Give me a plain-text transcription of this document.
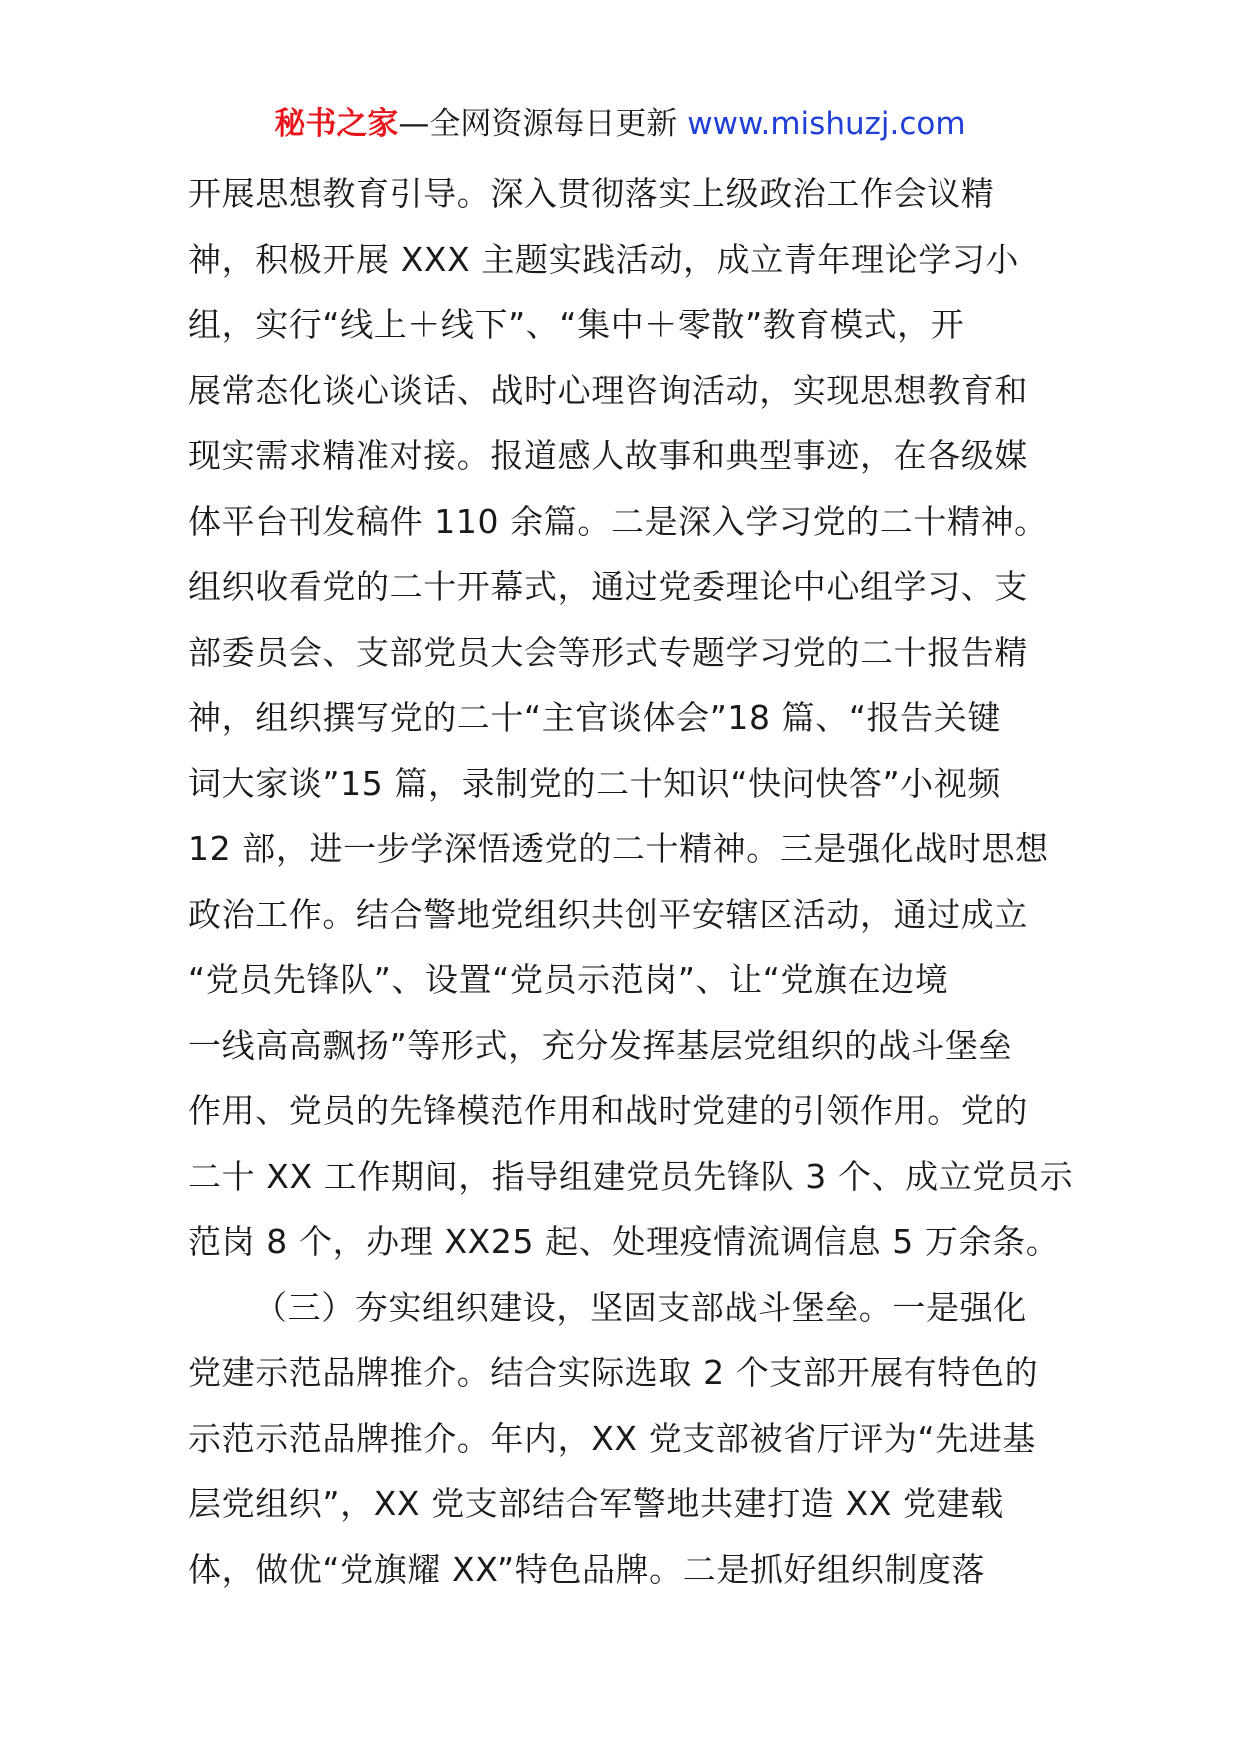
秘书之家—全网资源每日更新 www.mishuzj.com
开展思想教育引导。深入贯彻落实上级政治工作会议精
神，积极开展 XXX 主题实践活动，成立青年理论学习小
组，实行“线上＋线下”、“集中＋零散”教育模式，开
展常态化谈心谈话、战时心理咨询活动，实现思想教育和
现实需求精准对接。报道感人故事和典型事迹，在各级媒
体平台刊发稿件 110 余篇。二是深入学习党的二十精神。
组织收看党的二十开幕式，通过党委理论中心组学习、支
部委员会、支部党员大会等形式专题学习党的二十报告精
神，组织撰写党的二十“主官谈体会”18 篇、“报告关键
词大家谈”15 篇，录制党的二十知识“快问快答”小视频
12 部，进一步学深悟透党的二十精神。三是强化战时思想
政治工作。结合警地党组织共创平安辖区活动，通过成立
“党员先锋队”、设置“党员示范岗”、让“党旗在边境
一线高高飘扬”等形式，充分发挥基层党组织的战斗堡垒
作用、党员的先锋模范作用和战时党建的引领作用。党的
二十 XX 工作期间，指导组建党员先锋队 3 个、成立党员示
范岗 8 个，办理 XX25 起、处理疫情流调信息 5 万余条。
（三）夯实组织建设，坚固支部战斗堡垒。一是强化
党建示范品牌推介。结合实际选取 2 个支部开展有特色的
示范示范品牌推介。年内，XX 党支部被省厅评为“先进基
层党组织”，XX 党支部结合军警地共建打造 XX 党建载
体，做优“党旗耀 XX”特色品牌。二是抓好组织制度落
